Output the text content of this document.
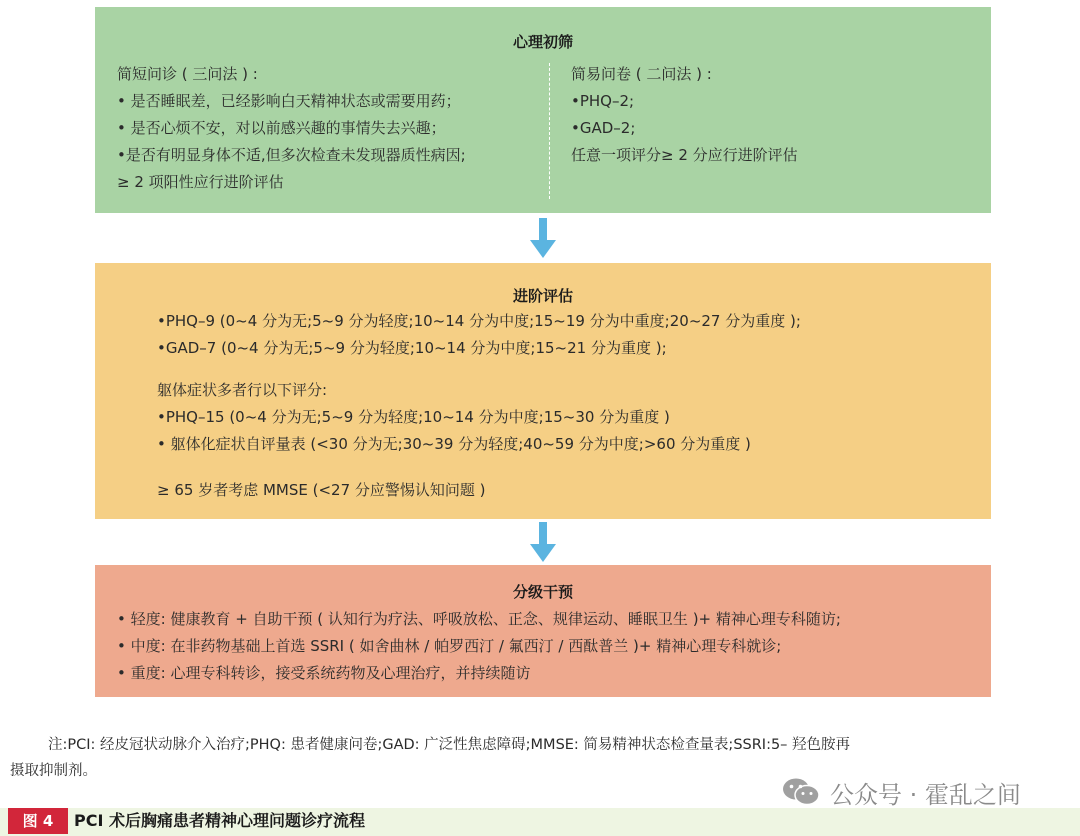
心理初筛
简短问诊 ( 三问法 ) :
• 是否睡眠差，已经影响白天精神状态或需要用药；
• 是否心烦不安，对以前感兴趣的事情失去兴趣；
•是否有明显身体不适,但多次检查未发现器质性病因;
≥ 2 项阳性应行进阶评估
简易问卷 ( 二问法 ) :
•PHQ–2;
•GAD–2;
任意一项评分≥ 2 分应行进阶评估
进阶评估
•PHQ–9 (0~4 分为无;5~9 分为轻度;10~14 分为中度;15~19 分为中重度;20~27 分为重度 );
•GAD–7 (0~4 分为无;5~9 分为轻度;10~14 分为中度;15~21 分为重度 );
躯体症状多者行以下评分:
•PHQ–15 (0~4 分为无;5~9 分为轻度;10~14 分为中度;15~30 分为重度 )
• 躯体化症状自评量表 (<30 分为无;30~39 分为轻度;40~59 分为中度;>60 分为重度 )
≥ 65 岁者考虑 MMSE (<27 分应警惕认知问题 )
分级干预
• 轻度: 健康教育 + 自助干预 ( 认知行为疗法、呼吸放松、正念、规律运动、睡眠卫生 )+ 精神心理专科随访;
• 中度: 在非药物基础上首选 SSRI ( 如舍曲林 / 帕罗西汀 / 氟西汀 / 西酞普兰 )+ 精神心理专科就诊;
• 重度: 心理专科转诊，接受系统药物及心理治疗，并持续随访
注:PCI: 经皮冠状动脉介入治疗;PHQ: 患者健康问卷;GAD: 广泛性焦虑障碍;MMSE: 简易精神状态检查量表;SSRI:5– 羟色胺再
摄取抑制剂。
公众号 · 霍乱之间
图 4	PCI 术后胸痛患者精神心理问题诊疗流程
